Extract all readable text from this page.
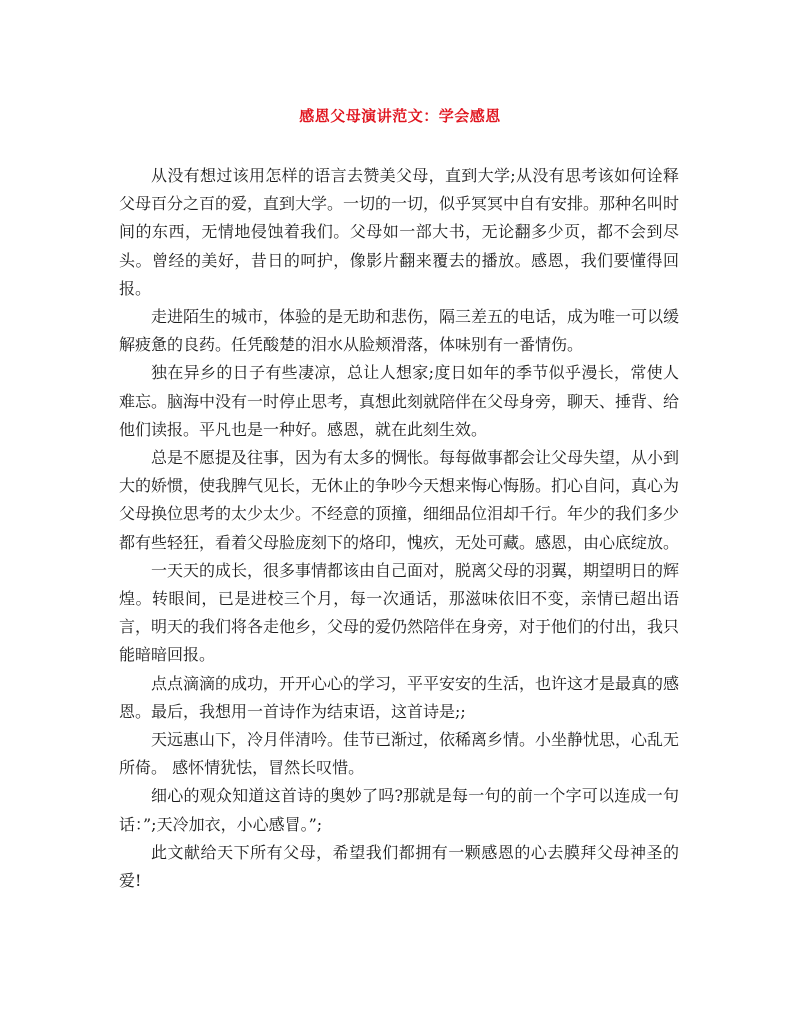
感恩父母演讲范文：学会感恩

从没有想过该用怎样的语言去赞美父母，直到大学;从没有思考该如何诠释父母百分之百的爱，直到大学。一切的一切，似乎冥冥中自有安排。那种名叫时间的东西，无情地侵蚀着我们。父母如一部大书，无论翻多少页，都不会到尽头。曾经的美好，昔日的呵护，像影片翻来覆去的播放。感恩，我们要懂得回报。

走进陌生的城市，体验的是无助和悲伤，隔三差五的电话，成为唯一可以缓解疲惫的良药。任凭酸楚的泪水从脸颊滑落，体味别有一番情伤。

独在异乡的日子有些凄凉，总让人想家;度日如年的季节似乎漫长，常使人难忘。脑海中没有一时停止思考，真想此刻就陪伴在父母身旁，聊天、捶背、给他们读报。平凡也是一种好。感恩，就在此刻生效。

总是不愿提及往事，因为有太多的惆怅。每每做事都会让父母失望，从小到大的娇惯，使我脾气见长，无休止的争吵今天想来悔心悔肠。扪心自问，真心为父母换位思考的太少太少。不经意的顶撞，细细品位泪却千行。年少的我们多少都有些轻狂，看着父母脸庞刻下的烙印，愧疚，无处可藏。感恩，由心底绽放。

一天天的成长，很多事情都该由自己面对，脱离父母的羽翼，期望明日的辉煌。转眼间，已是进校三个月，每一次通话，那滋味依旧不变，亲情已超出语言，明天的我们将各走他乡，父母的爱仍然陪伴在身旁，对于他们的付出，我只能暗暗回报。

点点滴滴的成功，开开心心的学习，平平安安的生活，也许这才是最真的感恩。最后，我想用一首诗作为结束语，这首诗是;;

天远惠山下，冷月伴清吟。佳节已渐过，依稀离乡情。小坐静忧思，心乱无所倚。 感怀情犹怯，冒然长叹惜。

细心的观众知道这首诗的奥妙了吗?那就是每一句的前一个字可以连成一句话：”;天冷加衣，小心感冒。”;

此文献给天下所有父母，希望我们都拥有一颗感恩的心去膜拜父母神圣的爱!
